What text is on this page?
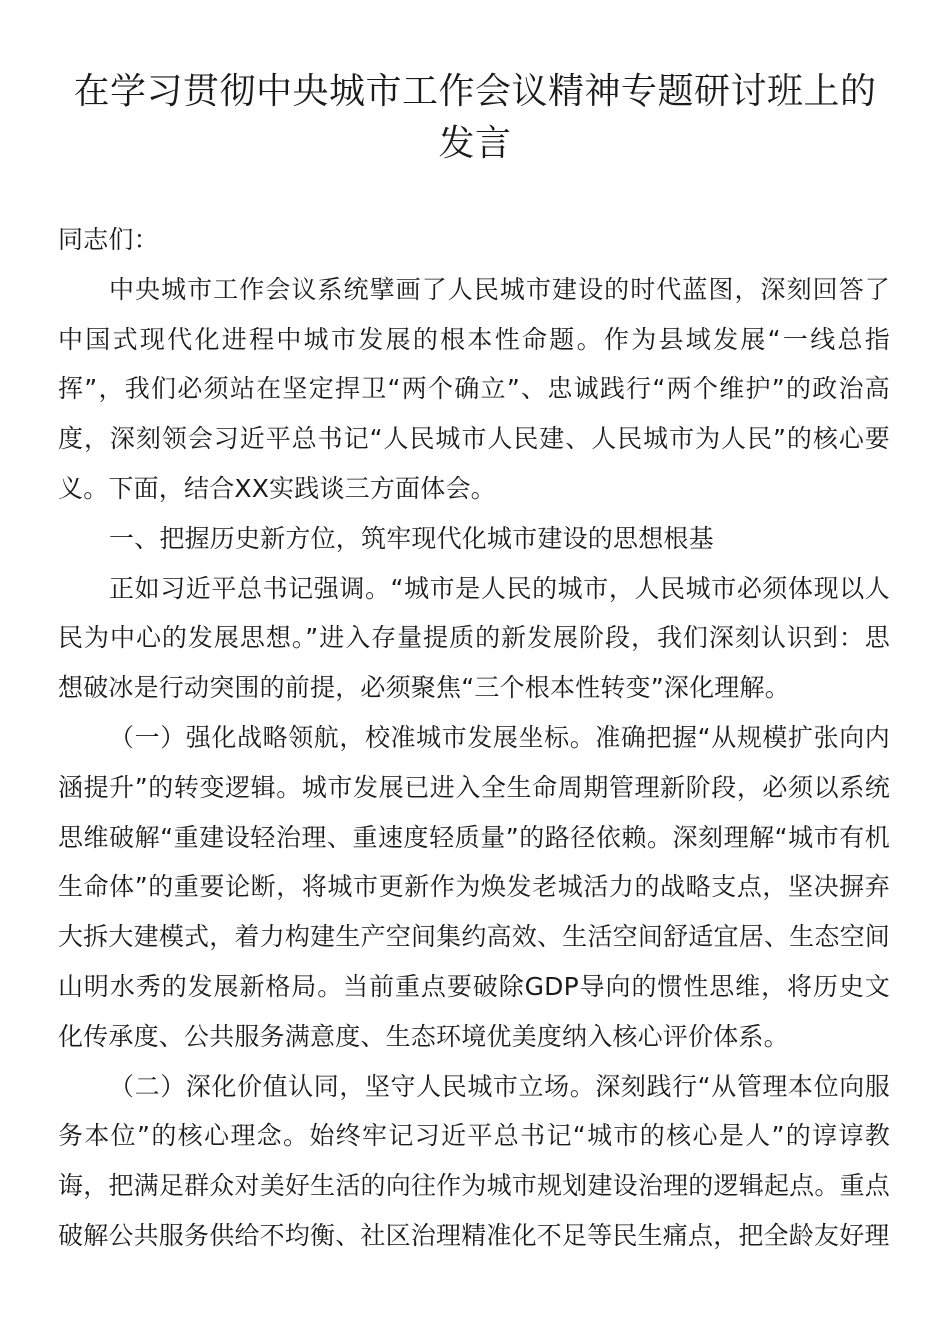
在学习贯彻中央城市工作会议精神专题研讨班上的发言

同志们：

中央城市工作会议系统擘画了人民城市建设的时代蓝图，深刻回答了中国式现代化进程中城市发展的根本性命题。作为县域发展“一线总指挥”，我们必须站在坚定捍卫“两个确立”、忠诚践行“两个维护”的政治高度，深刻领会习近平总书记“人民城市人民建、人民城市为人民”的核心要义。下面，结合XX实践谈三方面体会。

一、把握历史新方位，筑牢现代化城市建设的思想根基

正如习近平总书记强调。“城市是人民的城市，人民城市必须体现以人民为中心的发展思想。”进入存量提质的新发展阶段，我们深刻认识到：思想破冰是行动突围的前提，必须聚焦“三个根本性转变”深化理解。

（一）强化战略领航，校准城市发展坐标。准确把握“从规模扩张向内涵提升”的转变逻辑。城市发展已进入全生命周期管理新阶段，必须以系统思维破解“重建设轻治理、重速度轻质量”的路径依赖。深刻理解“城市有机生命体”的重要论断，将城市更新作为焕发老城活力的战略支点，坚决摒弃大拆大建模式，着力构建生产空间集约高效、生活空间舒适宜居、生态空间山明水秀的发展新格局。当前重点要破除GDP导向的惯性思维，将历史文化传承度、公共服务满意度、生态环境优美度纳入核心评价体系。

（二）深化价值认同，坚守人民城市立场。深刻践行“从管理本位向服务本位”的核心理念。始终牢记习近平总书记“城市的核心是人”的谆谆教诲，把满足群众对美好生活的向往作为城市规划建设治理的逻辑起点。重点破解公共服务供给不均衡、社区治理精准化不足等民生痛点，把全龄友好理
